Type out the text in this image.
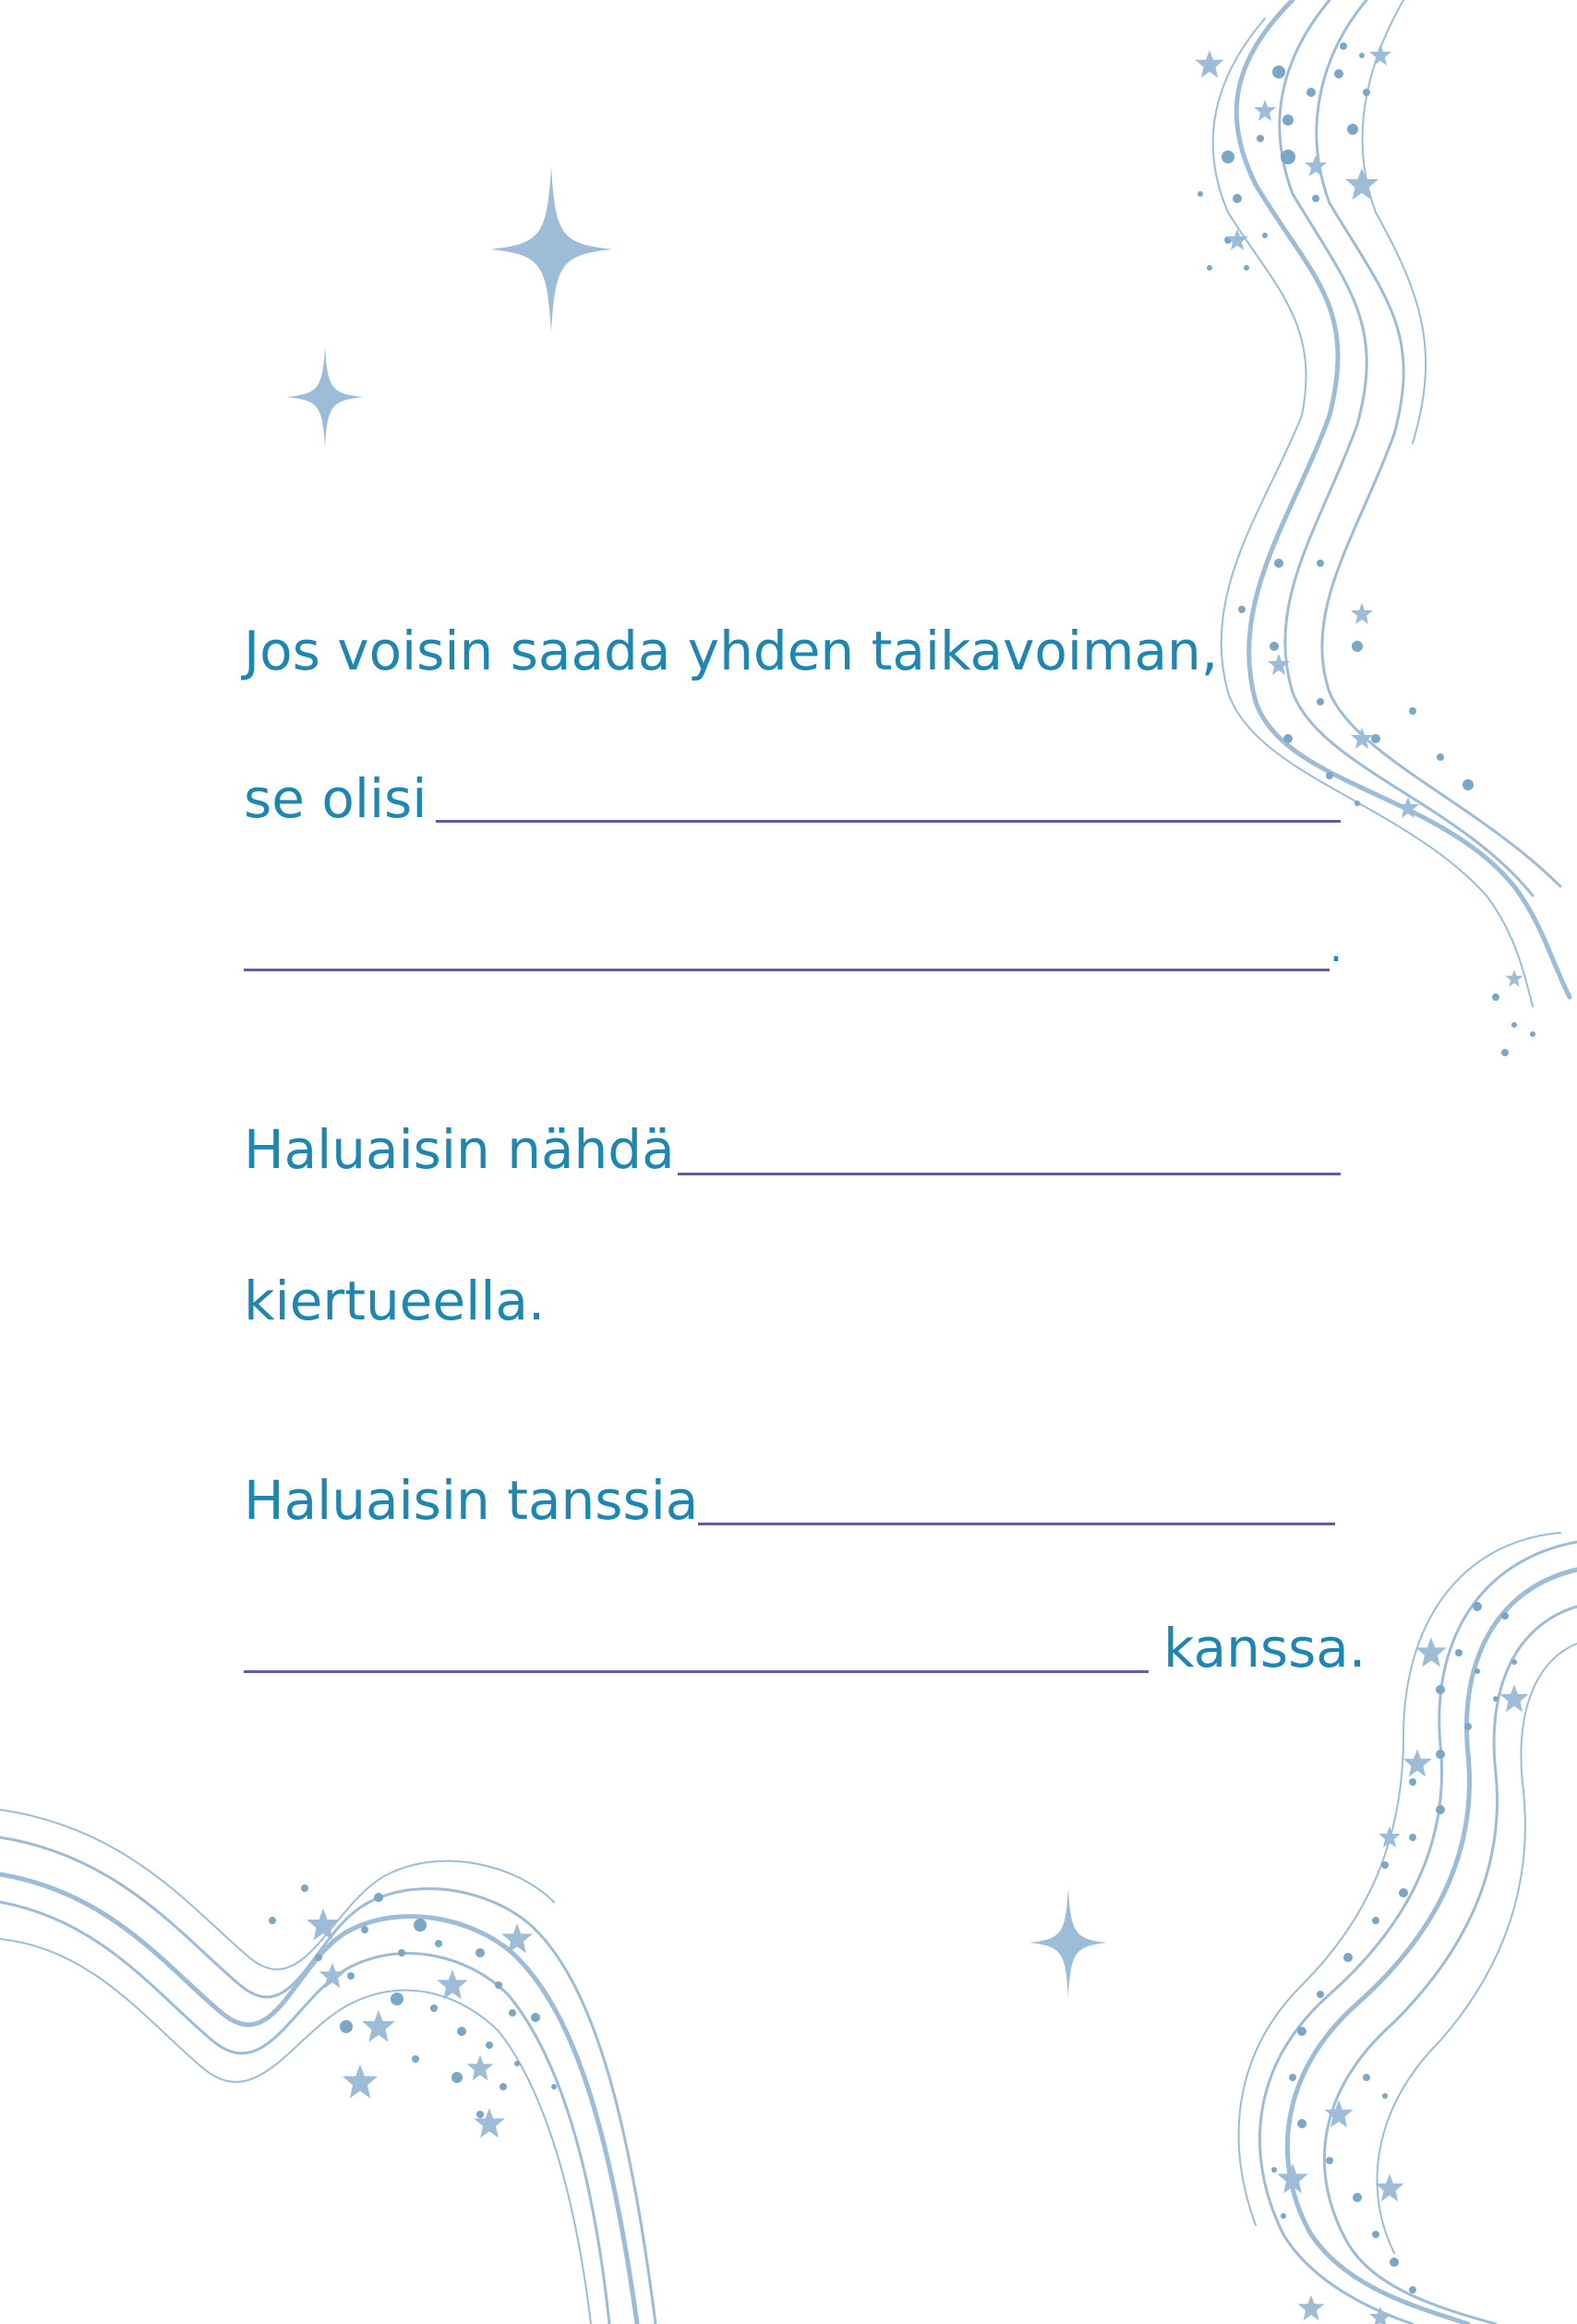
Jos voisin saada yhden taikavoiman,
se olisi
.
Haluaisin nähdä
kiertueella.
Haluaisin tanssia
kanssa.
